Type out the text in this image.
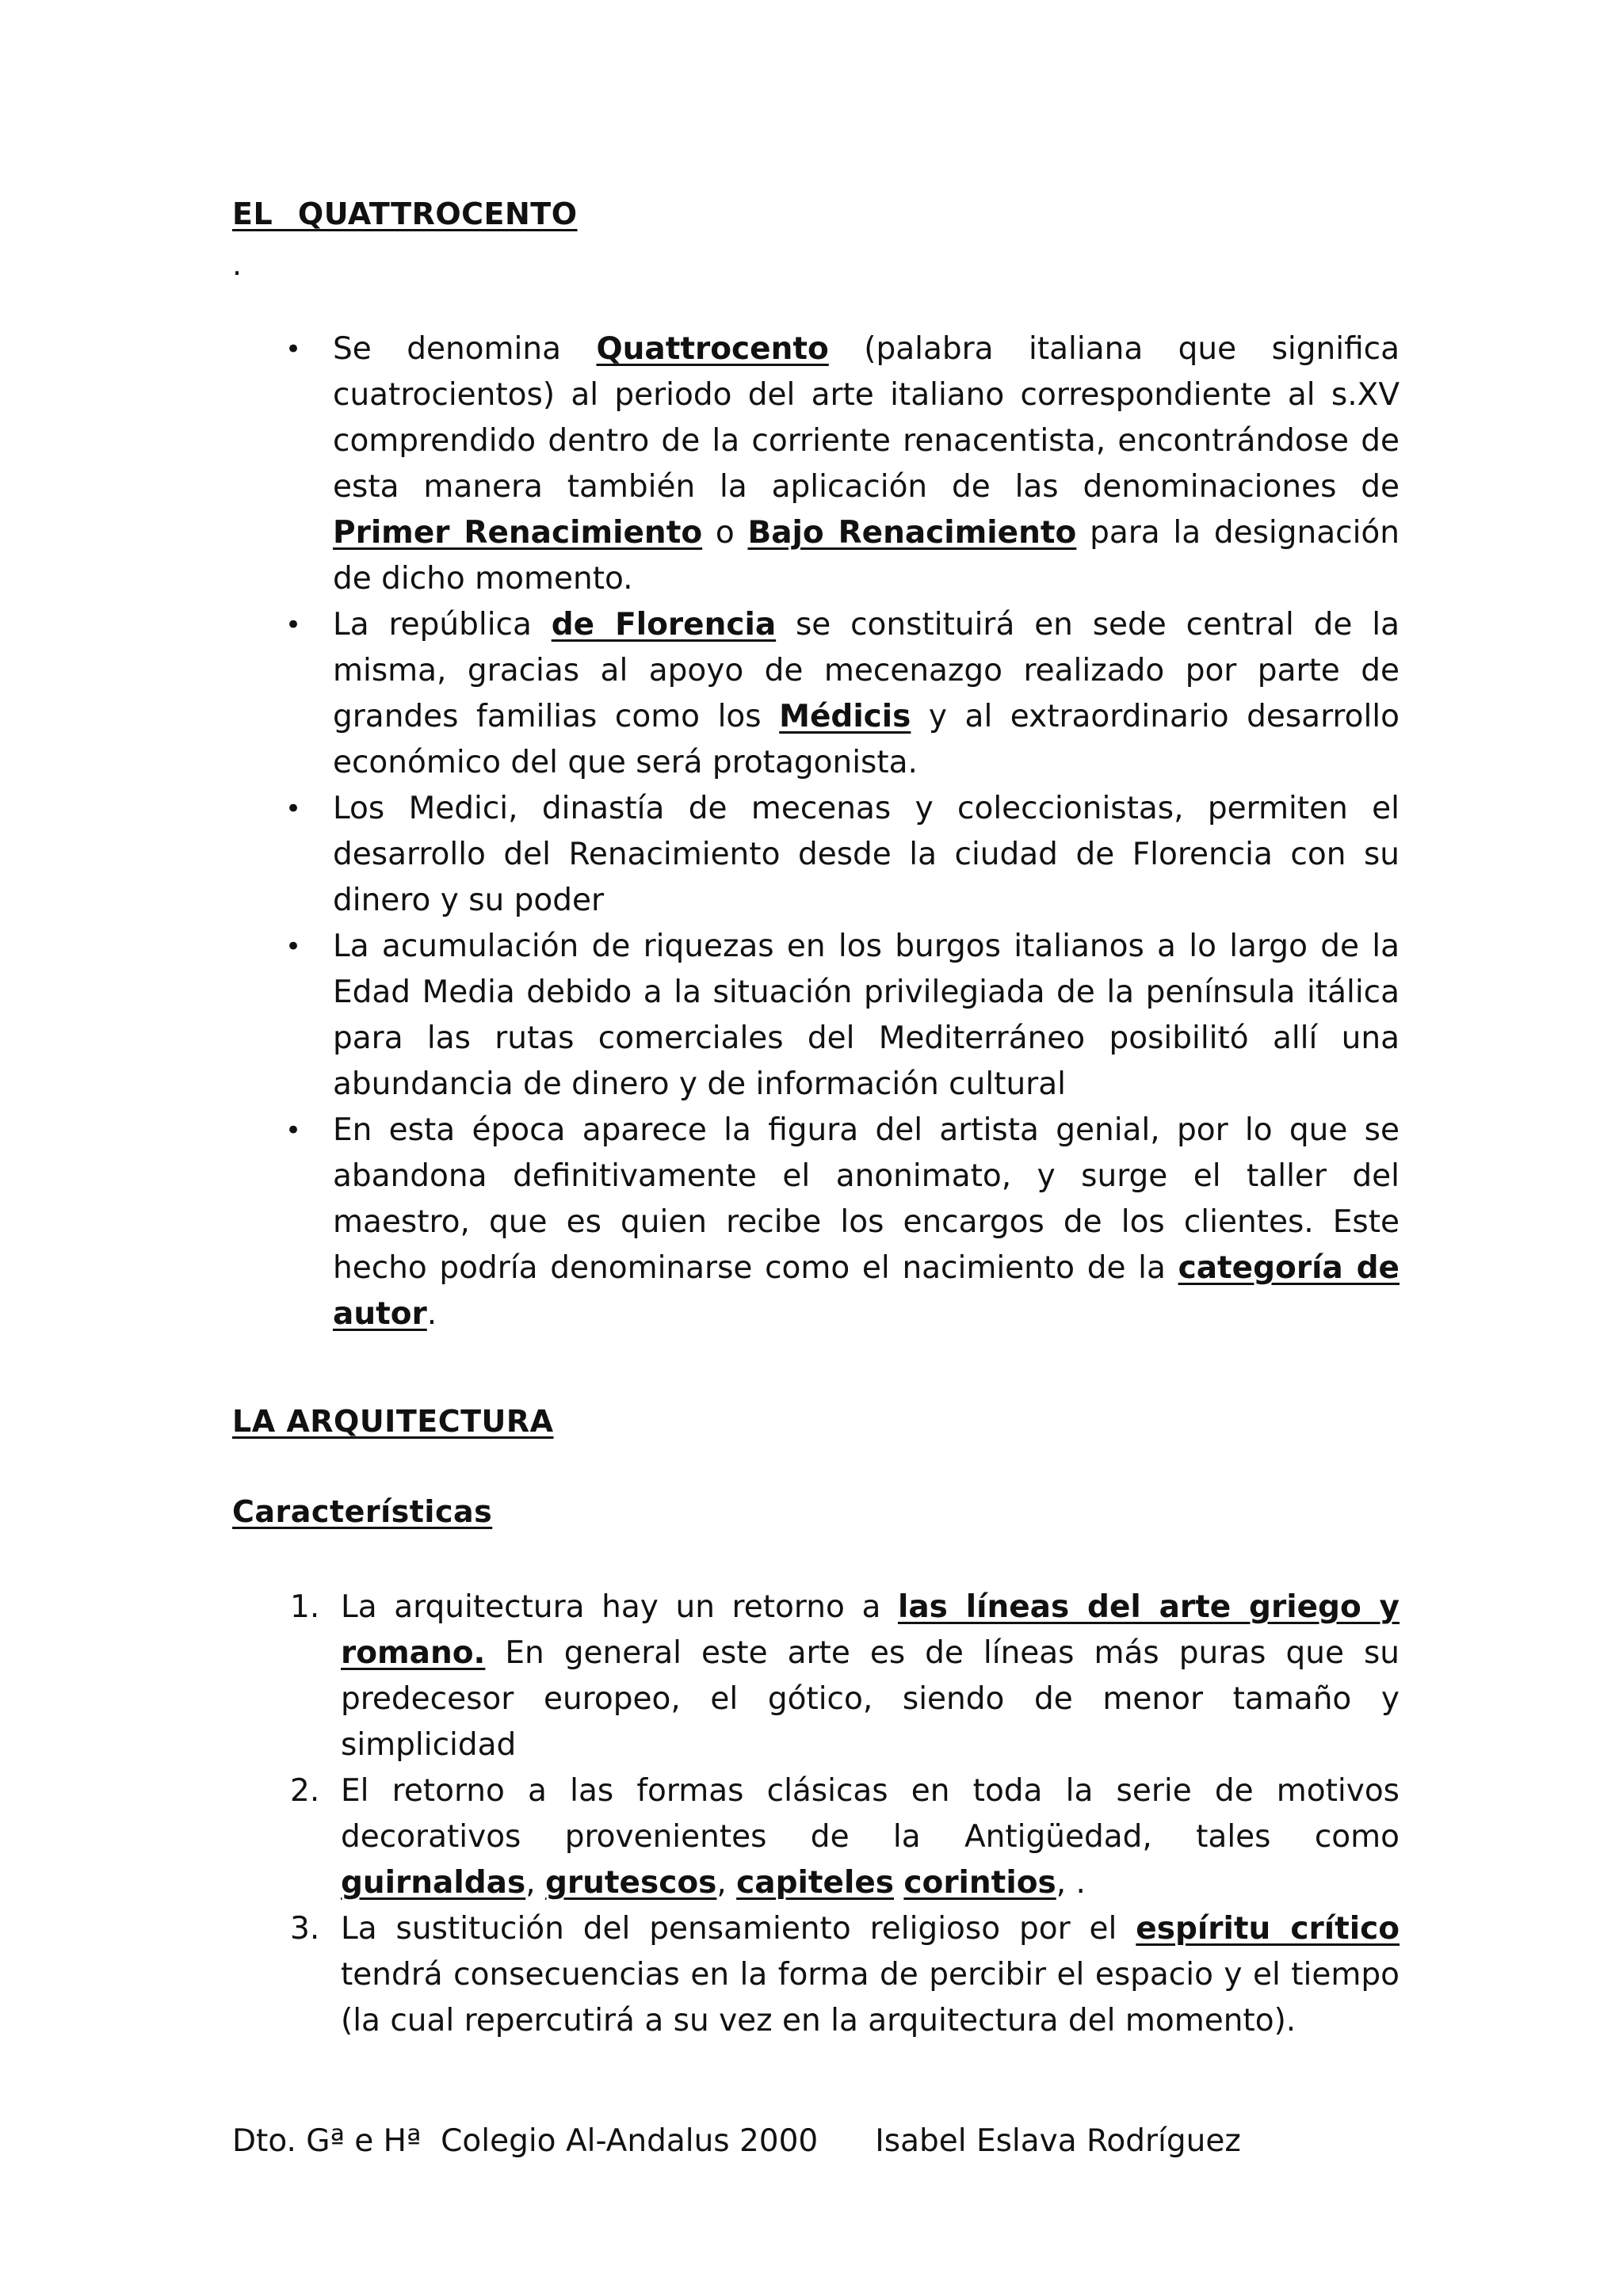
EL QUATTROCENTO
.
• Se denomina Quattrocento (palabra italiana que significa cuatrocientos) al periodo del arte italiano correspondiente al s.XV comprendido dentro de la corriente renacentista, encontrándose de esta manera también la aplicación de las denominaciones de Primer Renacimiento o Bajo Renacimiento para la designación de dicho momento.
• La república de Florencia se constituirá en sede central de la misma, gracias al apoyo de mecenazgo realizado por parte de grandes familias como los Médicis y al extraordinario desarrollo económico del que será protagonista.
• Los Medici, dinastía de mecenas y coleccionistas, permiten el desarrollo del Renacimiento desde la ciudad de Florencia con su dinero y su poder
• La acumulación de riquezas en los burgos italianos a lo largo de la Edad Media debido a la situación privilegiada de la península itálica para las rutas comerciales del Mediterráneo posibilitó allí una abundancia de dinero y de información cultural
• En esta época aparece la figura del artista genial, por lo que se abandona definitivamente el anonimato, y surge el taller del maestro, que es quien recibe los encargos de los clientes. Este hecho podría denominarse como el nacimiento de la categoría de autor.
LA ARQUITECTURA
Características
1. La arquitectura hay un retorno a las líneas del arte griego y romano. En general este arte es de líneas más puras que su predecesor europeo, el gótico, siendo de menor tamaño y simplicidad
2. El retorno a las formas clásicas en toda la serie de motivos decorativos provenientes de la Antigüedad, tales como guirnaldas, grutescos, capiteles corintios, .
3. La sustitución del pensamiento religioso por el espíritu crítico tendrá consecuencias en la forma de percibir el espacio y el tiempo (la cual repercutirá a su vez en la arquitectura del momento).
Dto. Gª e Hª  Colegio Al-Andalus 2000 Isabel Eslava Rodríguez
